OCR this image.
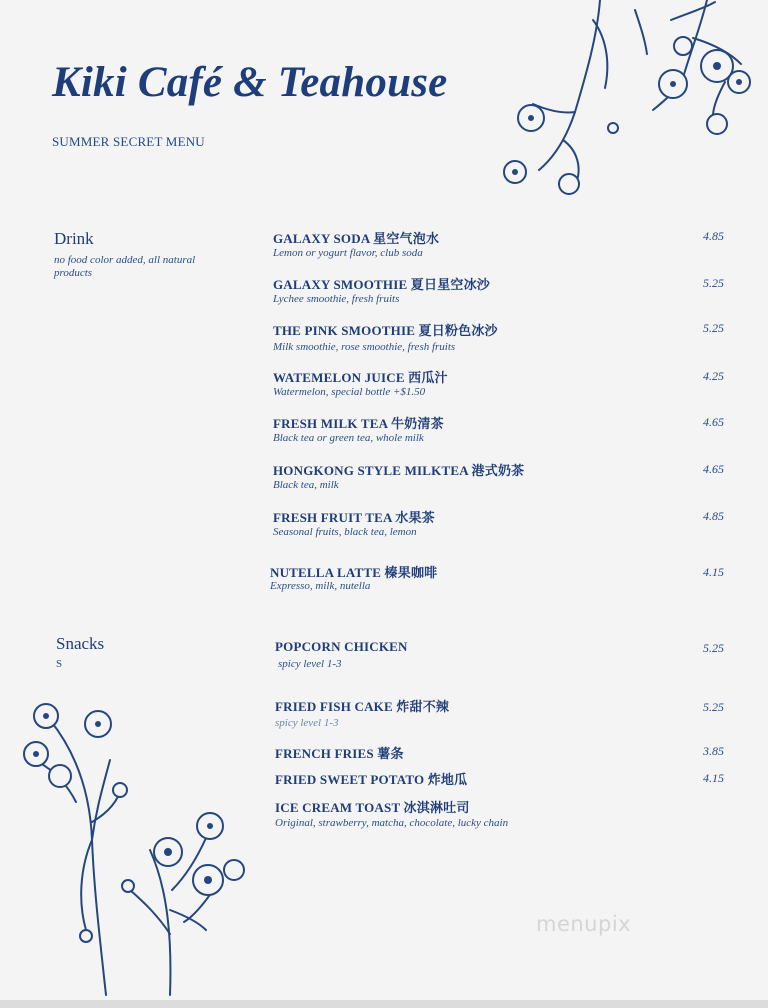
Kiki Café & Teahouse
SUMMER SECRET MENU
Drink
no food color added, all natural products
GALAXY SODA 星空气泡水
Lemon or yogurt flavor, club soda
4.85
GALAXY SMOOTHIE 夏日星空冰沙
Lychee smoothie, fresh fruits
5.25
THE PINK SMOOTHIE 夏日粉色冰沙
Milk smoothie, rose smoothie, fresh fruits
5.25
WATEMELON JUICE 西瓜汁
Watermelon, special bottle +$1.50
4.25
FRESH MILK TEA 牛奶清茶
Black tea or green tea, whole milk
4.65
HONGKONG STYLE MILKTEA 港式奶茶
Black tea, milk
4.65
FRESH FRUIT TEA 水果茶
Seasonal fruits, black tea, lemon
4.85
NUTELLA LATTE 榛果咖啡
Expresso, milk, nutella
4.15
Snacks
S
POPCORN CHICKEN
spicy level 1-3
5.25
FRIED FISH CAKE 炸甜不辣
spicy level 1-3
5.25
FRENCH FRIES 薯条	3.85
FRIED SWEET POTATO 炸地瓜	4.15
ICE CREAM TOAST 冰淇淋吐司
Original, strawberry, matcha, chocolate, lucky chain
menupix
